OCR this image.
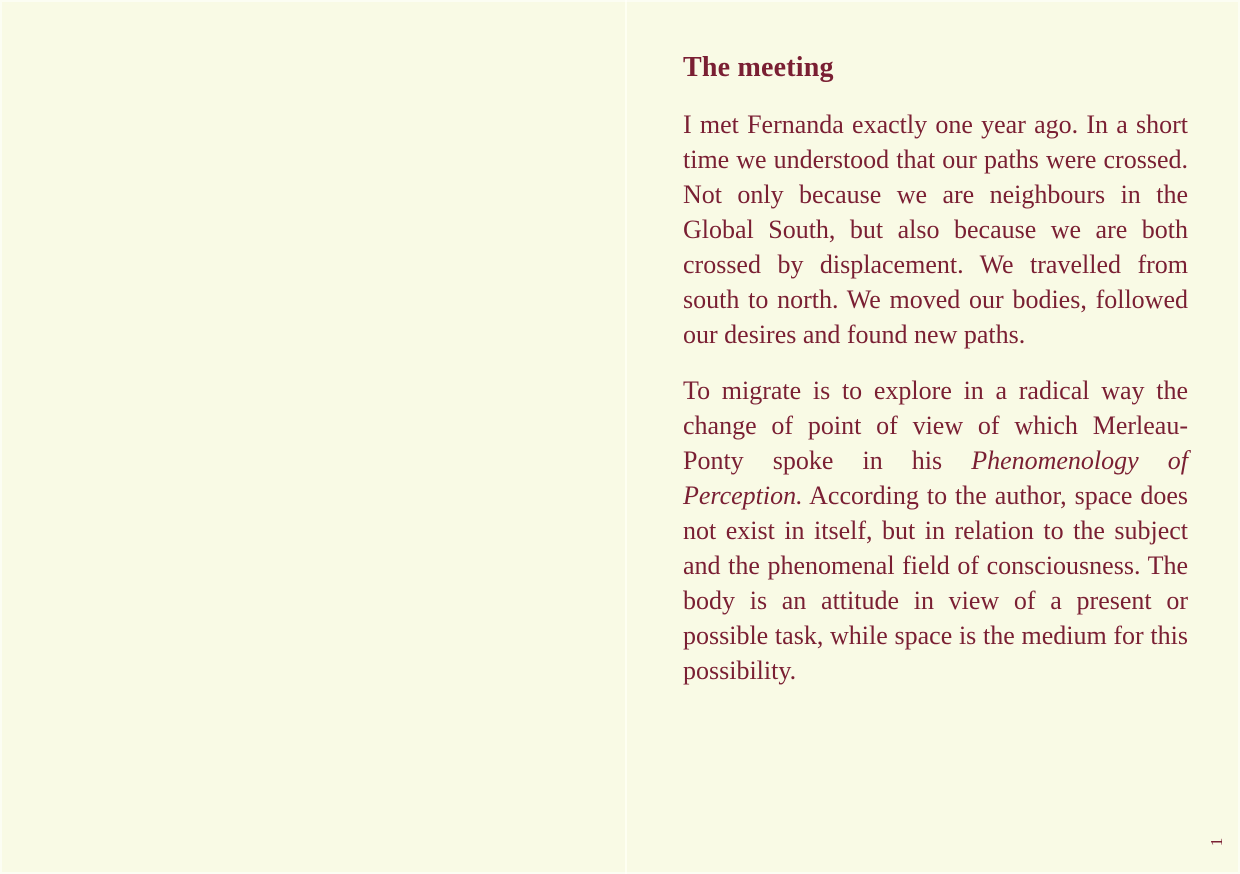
The meeting

I met Fernanda exactly one year ago. In a short time we understood that our paths were crossed. Not only because we are neighbours in the Global South, but also because we are both crossed by displacement. We travelled from south to north. We moved our bodies, followed our desires and found new paths.

To migrate is to explore in a radical way the change of point of view of which Merleau-Ponty spoke in his Phenomenology of Perception. According to the author, space does not exist in itself, but in relation to the subject and the phenomenal field of consciousness. The body is an attitude in view of a present or possible task, while space is the medium for this possibility.

1
